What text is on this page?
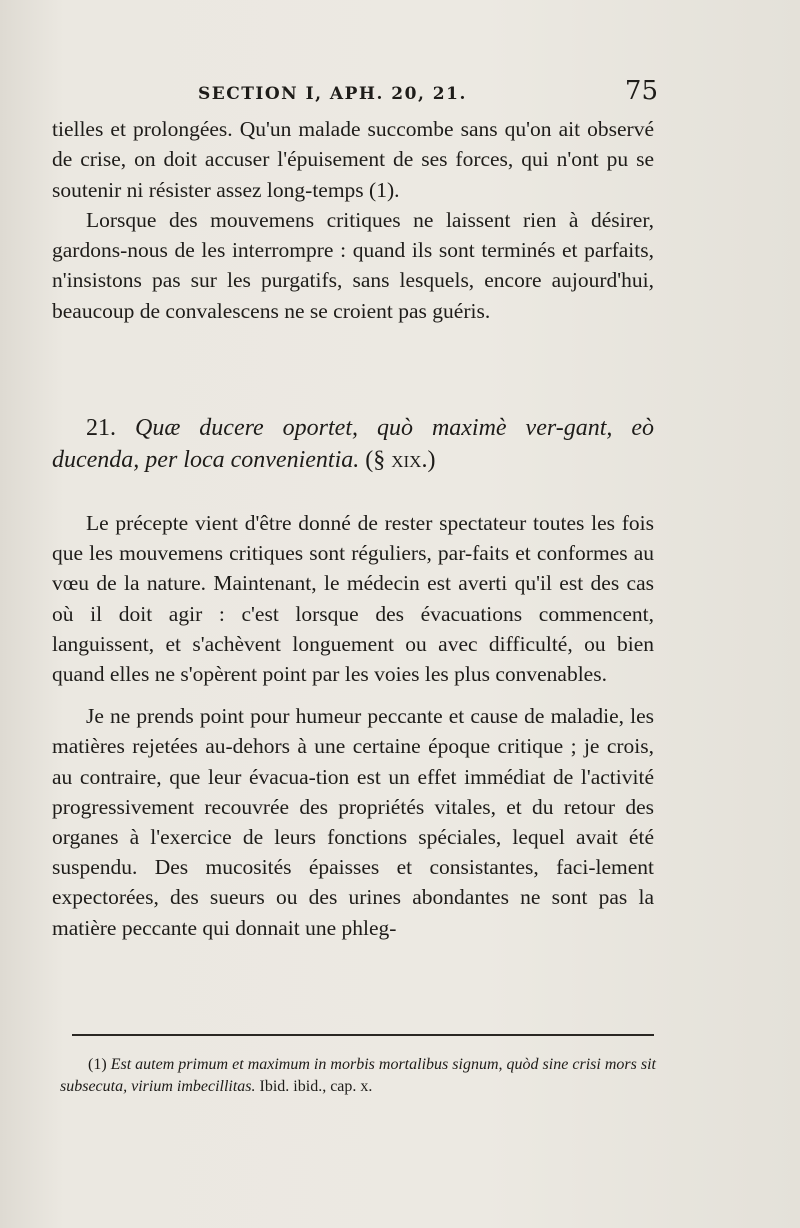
SECTION I, APH. 20, 21.	75

tielles et prolongées. Qu'un malade succombe sans qu'on ait observé de crise, on doit accuser l'épuisement de ses forces, qui n'ont pu se soutenir ni résister assez long-temps (1).

Lorsque des mouvemens critiques ne laissent rien à désirer, gardons-nous de les interrompre : quand ils sont terminés et parfaits, n'insistons pas sur les purgatifs, sans lesquels, encore aujourd'hui, beaucoup de convalescens ne se croient pas guéris.

21. Quæ ducere oportet, quò maximè ver-gant, eò ducenda, per loca convenientia. (§ xix.)

Le précepte vient d'être donné de rester spectateur toutes les fois que les mouvemens critiques sont réguliers, par-faits et conformes au vœu de la nature. Maintenant, le médecin est averti qu'il est des cas où il doit agir : c'est lorsque des évacuations commencent, languissent, et s'achèvent longuement ou avec difficulté, ou bien quand elles ne s'opèrent point par les voies les plus convenables.

Je ne prends point pour humeur peccante et cause de maladie, les matières rejetées au-dehors à une certaine époque critique ; je crois, au contraire, que leur évacua-tion est un effet immédiat de l'activité progressivement recouvrée des propriétés vitales, et du retour des organes à l'exercice de leurs fonctions spéciales, lequel avait été suspendu. Des mucosités épaisses et consistantes, faci-lement expectorées, des sueurs ou des urines abondantes ne sont pas la matière peccante qui donnait une phleg-

(1) Est autem primum et maximum in morbis mortalibus signum, quòd sine crisi mors sit subsecuta, virium imbecillitas. Ibid. ibid., cap. x.
